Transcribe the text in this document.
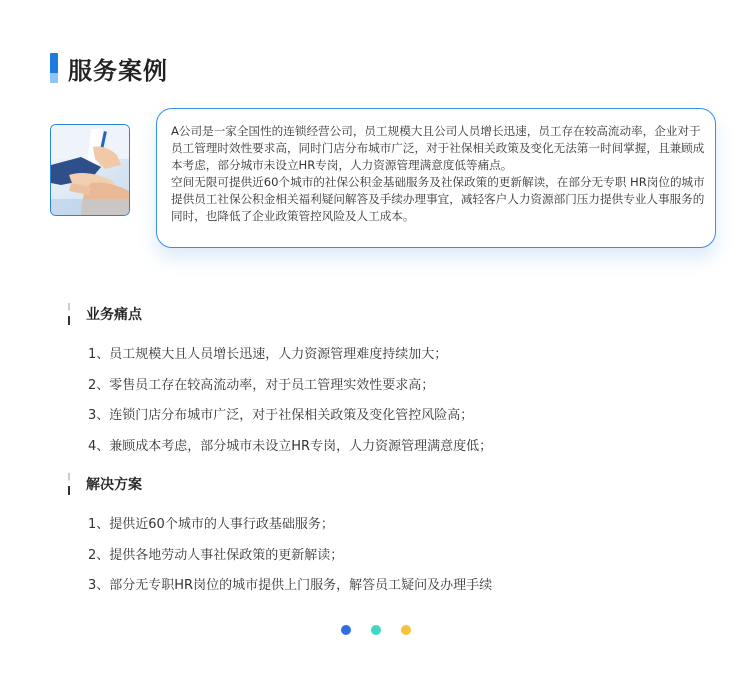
服务案例

A公司是一家全国性的连锁经营公司，员工规模大且公司人员增长迅速，员工存在较高流动率，企业对于员工管理时效性要求高，同时门店分布城市广泛，对于社保相关政策及变化无法第一时间掌握，且兼顾成本考虑，部分城市未设立HR专岗，人力资源管理满意度低等痛点。

空间无限可提供近60个城市的社保公积金基础服务及社保政策的更新解读，在部分无专职 HR岗位的城市提供员工社保公积金相关福利疑问解答及手续办理事宜，减轻客户人力资源部门压力提供专业人事服务的同时，也降低了企业政策管控风险及人工成本。

业务痛点
1、员工规模大且人员增长迅速，人力资源管理难度持续加大；
2、零售员工存在较高流动率，对于员工管理实效性要求高；
3、连锁门店分布城市广泛，对于社保相关政策及变化管控风险高；
4、兼顾成本考虑，部分城市未设立HR专岗，人力资源管理满意度低；
解决方案
1、提供近60个城市的人事行政基础服务；
2、提供各地劳动人事社保政策的更新解读；
3、部分无专职HR岗位的城市提供上门服务，解答员工疑问及办理手续
